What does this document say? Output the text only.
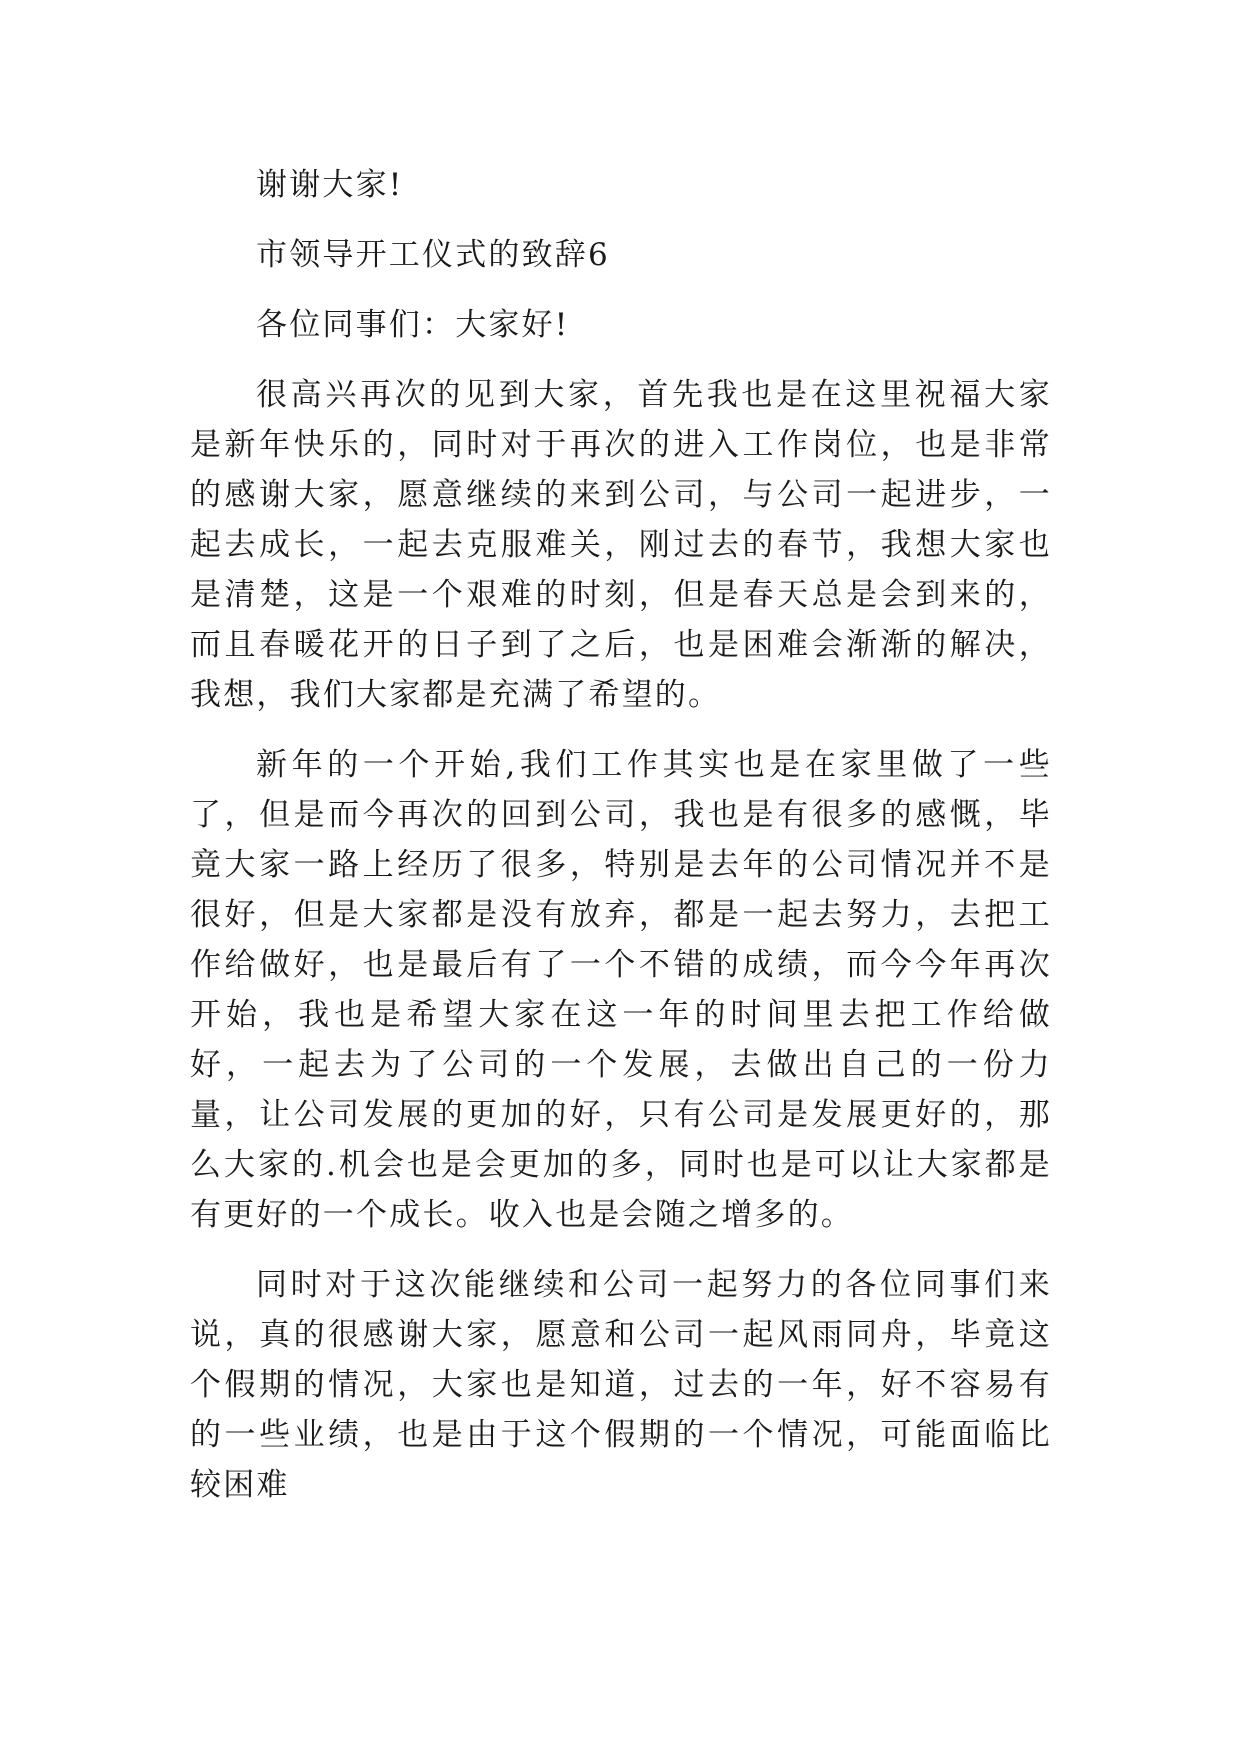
谢谢大家!

市领导开工仪式的致辞6

各位同事们：大家好!

很高兴再次的见到大家，首先我也是在这里祝福大家是新年快乐的，同时对于再次的进入工作岗位，也是非常的感谢大家，愿意继续的来到公司，与公司一起进步，一起去成长，一起去克服难关，刚过去的春节，我想大家也是清楚，这是一个艰难的时刻，但是春天总是会到来的，而且春暖花开的日子到了之后，也是困难会渐渐的解决，我想，我们大家都是充满了希望的。

新年的一个开始,我们工作其实也是在家里做了一些了，但是而今再次的回到公司，我也是有很多的感慨，毕竟大家一路上经历了很多，特别是去年的公司情况并不是很好，但是大家都是没有放弃，都是一起去努力，去把工作给做好，也是最后有了一个不错的成绩，而今今年再次开始，我也是希望大家在这一年的时间里去把工作给做好，一起去为了公司的一个发展，去做出自己的一份力量，让公司发展的更加的好，只有公司是发展更好的，那么大家的.机会也是会更加的多，同时也是可以让大家都是有更好的一个成长。收入也是会随之增多的。

同时对于这次能继续和公司一起努力的各位同事们来说，真的很感谢大家，愿意和公司一起风雨同舟，毕竟这个假期的情况，大家也是知道，过去的一年，好不容易有的一些业绩，也是由于这个假期的一个情况，可能面临比较困难
